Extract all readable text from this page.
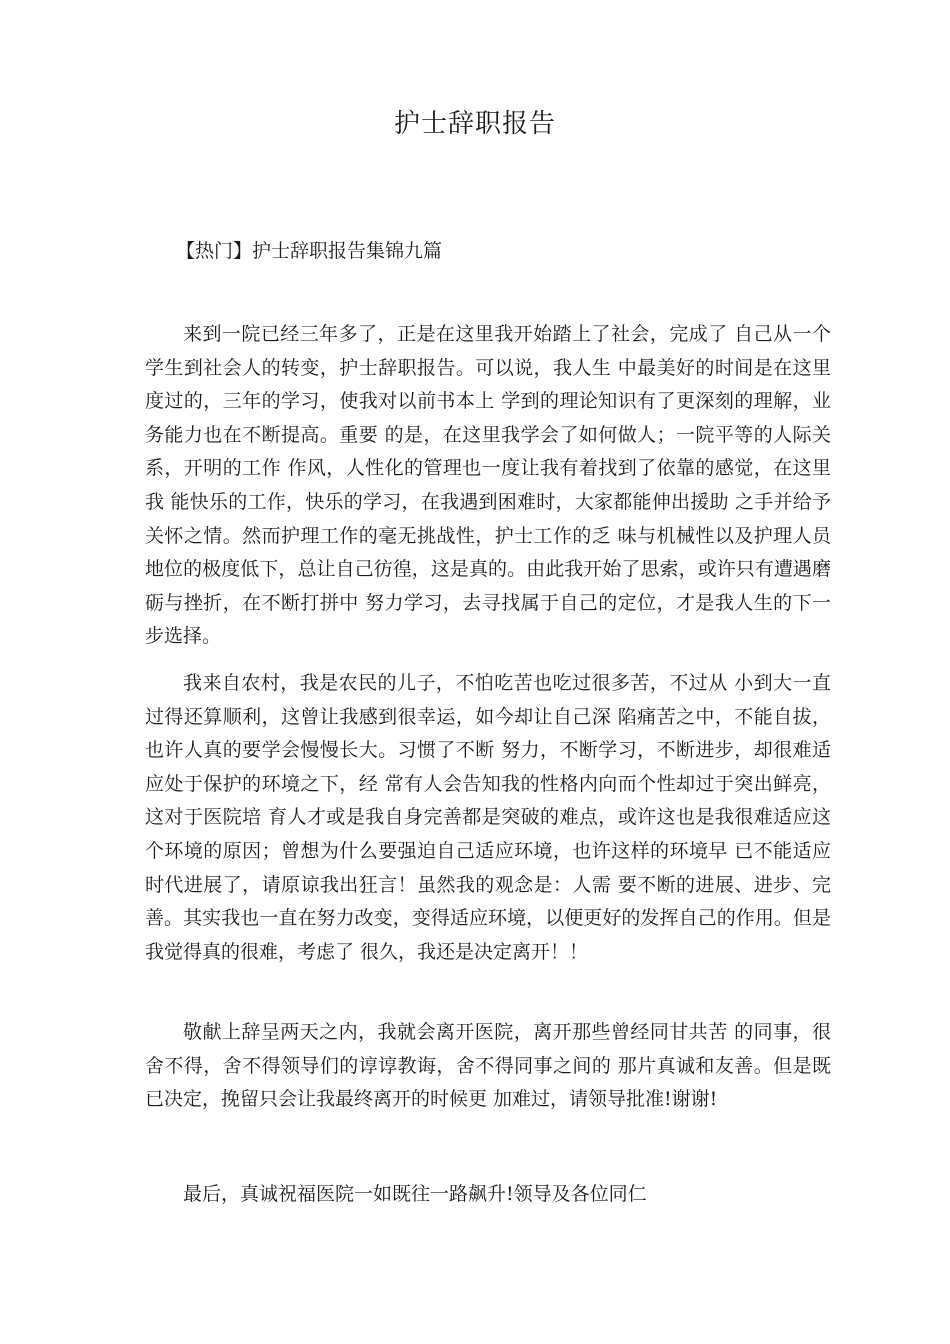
护士辞职报告

【热门】护士辞职报告集锦九篇

来到一院已经三年多了，正是在这里我开始踏上了社会，完成了 自己从一个学生到社会人的转变，护士辞职报告。可以说，我人生 中最美好的时间是在这里度过的，三年的学习，使我对以前书本上 学到的理论知识有了更深刻的理解，业务能力也在不断提高。重要 的是，在这里我学会了如何做人；一院平等的人际关系，开明的工作 作风，人性化的管理也一度让我有着找到了依靠的感觉，在这里我 能快乐的工作，快乐的学习，在我遇到困难时，大家都能伸出援助 之手并给予关怀之情。然而护理工作的毫无挑战性，护士工作的乏 味与机械性以及护理人员地位的极度低下，总让自己彷徨，这是真的。由此我开始了思索，或许只有遭遇磨砺与挫折，在不断打拼中 努力学习，去寻找属于自己的定位，才是我人生的下一步选择。

我来自农村，我是农民的儿子，不怕吃苦也吃过很多苦，不过从 小到大一直过得还算顺利，这曾让我感到很幸运，如今却让自己深 陷痛苦之中，不能自拔，也许人真的要学会慢慢长大。习惯了不断 努力，不断学习，不断进步，却很难适应处于保护的环境之下，经 常有人会告知我的性格内向而个性却过于突出鲜亮，这对于医院培 育人才或是我自身完善都是突破的难点，或许这也是我很难适应这 个环境的原因；曾想为什么要强迫自己适应环境，也许这样的环境早 已不能适应时代进展了，请原谅我出狂言！虽然我的观念是：人需 要不断的进展、进步、完善。其实我也一直在努力改变，变得适应环境，以便更好的发挥自己的作用。但是我觉得真的很难，考虑了 很久，我还是决定离开！！

敬献上辞呈两天之内，我就会离开医院，离开那些曾经同甘共苦 的同事，很舍不得，舍不得领导们的谆谆教诲，舍不得同事之间的 那片真诚和友善。但是既已决定，挽留只会让我最终离开的时候更 加难过，请领导批准!谢谢!

最后，真诚祝福医院一如既往一路飙升!领导及各位同仁
